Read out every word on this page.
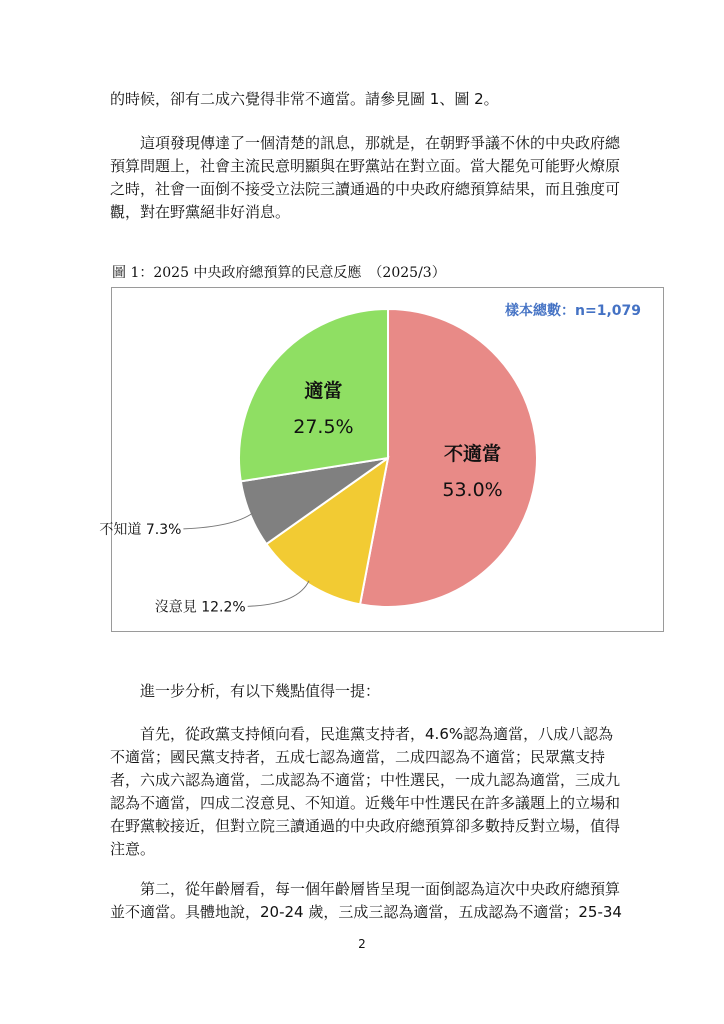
的時候，卻有二成六覺得非常不適當。請參見圖 1、圖 2。

這項發現傳達了一個清楚的訊息，那就是，在朝野爭議不休的中央政府總預算問題上，社會主流民意明顯與在野黨站在對立面。當大罷免可能野火燎原之時，社會一面倒不接受立法院三讀通過的中央政府總預算結果，而且強度可觀，對在野黨絕非好消息。

圖 1：2025 中央政府總預算的民意反應　（2025/3）
不適當
53.0%
沒意見 12.2%
不知道 7.3%
適當
27.5%
樣本總數：n=1,079

進一步分析，有以下幾點值得一提：

首先，從政黨支持傾向看，民進黨支持者，4.6%認為適當，八成八認為不適當；國民黨支持者，五成七認為適當，二成四認為不適當；民眾黨支持者，六成六認為適當，二成認為不適當；中性選民，一成九認為適當，三成九認為不適當，四成二沒意見、不知道。近幾年中性選民在許多議題上的立場和在野黨較接近，但對立院三讀通過的中央政府總預算卻多數持反對立場，值得注意。

第二，從年齡層看，每一個年齡層皆呈現一面倒認為這次中央政府總預算並不適當。具體地說，20-24 歲，三成三認為適當，五成認為不適當；25-34

2
